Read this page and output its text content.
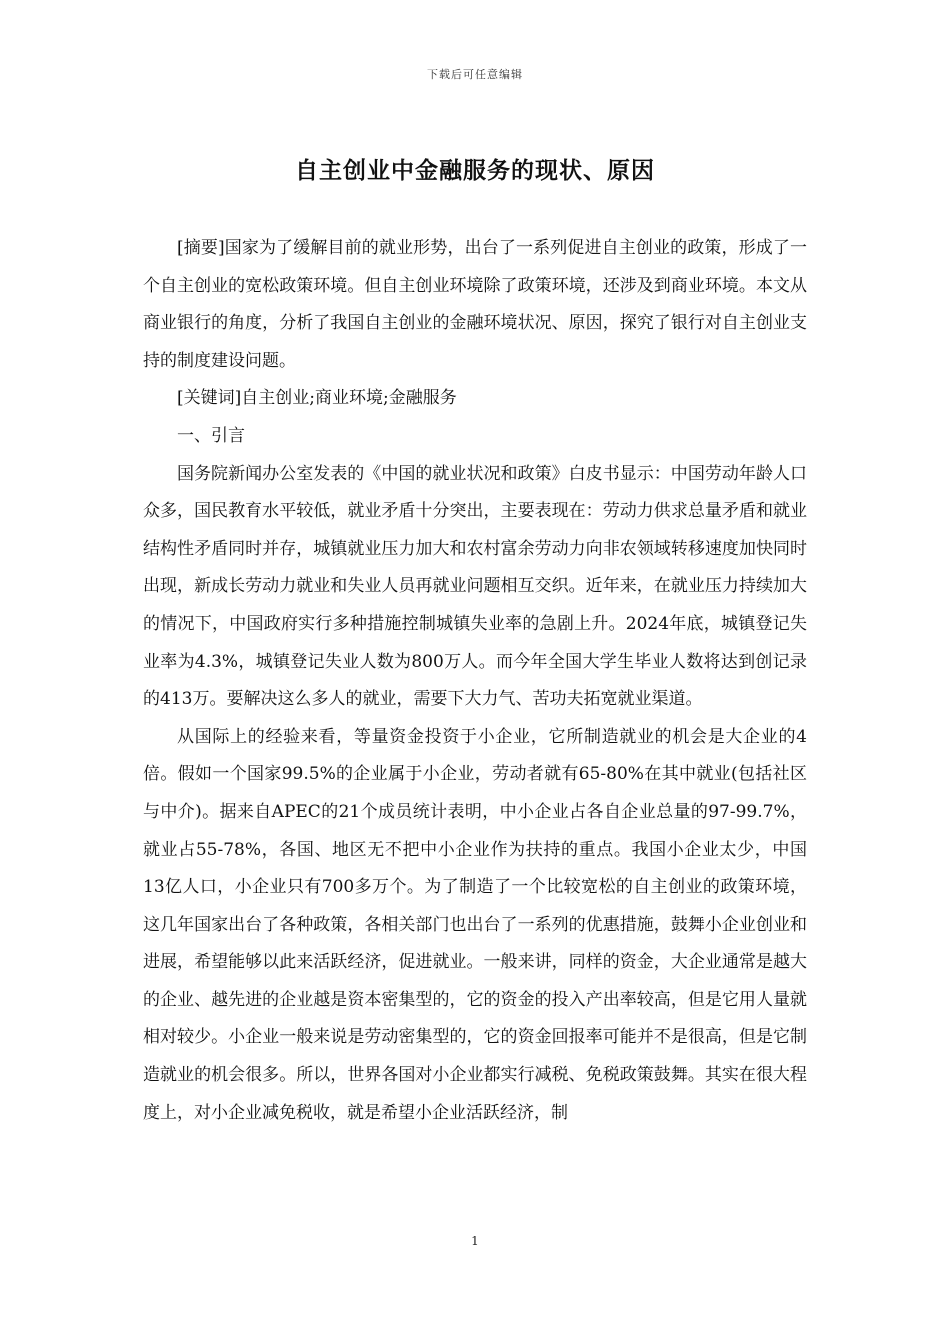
下载后可任意编辑
自主创业中金融服务的现状、原因

[摘要]国家为了缓解目前的就业形势，出台了一系列促进自主创业的政策，形成了一个自主创业的宽松政策环境。但自主创业环境除了政策环境，还涉及到商业环境。本文从商业银行的角度，分析了我国自主创业的金融环境状况、原因，探究了银行对自主创业支持的制度建设问题。

[关键词]自主创业;商业环境;金融服务

一、引言

国务院新闻办公室发表的《中国的就业状况和政策》白皮书显示：中国劳动年龄人口众多，国民教育水平较低，就业矛盾十分突出，主要表现在：劳动力供求总量矛盾和就业结构性矛盾同时并存，城镇就业压力加大和农村富余劳动力向非农领域转移速度加快同时出现，新成长劳动力就业和失业人员再就业问题相互交织。近年来，在就业压力持续加大的情况下，中国政府实行多种措施控制城镇失业率的急剧上升。2024年底，城镇登记失业率为4.3%，城镇登记失业人数为800万人。而今年全国大学生毕业人数将达到创记录的413万。要解决这么多人的就业，需要下大力气、苦功夫拓宽就业渠道。

从国际上的经验来看，等量资金投资于小企业，它所制造就业的机会是大企业的4倍。假如一个国家99.5%的企业属于小企业，劳动者就有65-80%在其中就业(包括社区与中介)。据来自APEC的21个成员统计表明，中小企业占各自企业总量的97-99.7%，就业占55-78%，各国、地区无不把中小企业作为扶持的重点。我国小企业太少，中国13亿人口，小企业只有700多万个。为了制造了一个比较宽松的自主创业的政策环境，这几年国家出台了各种政策，各相关部门也出台了一系列的优惠措施，鼓舞小企业创业和进展，希望能够以此来活跃经济，促进就业。一般来讲，同样的资金，大企业通常是越大的企业、越先进的企业越是资本密集型的，它的资金的投入产出率较高，但是它用人量就相对较少。小企业一般来说是劳动密集型的，它的资金回报率可能并不是很高，但是它制造就业的机会很多。所以，世界各国对小企业都实行减税、免税政策鼓舞。其实在很大程度上，对小企业减免税收，就是希望小企业活跃经济，制

1
